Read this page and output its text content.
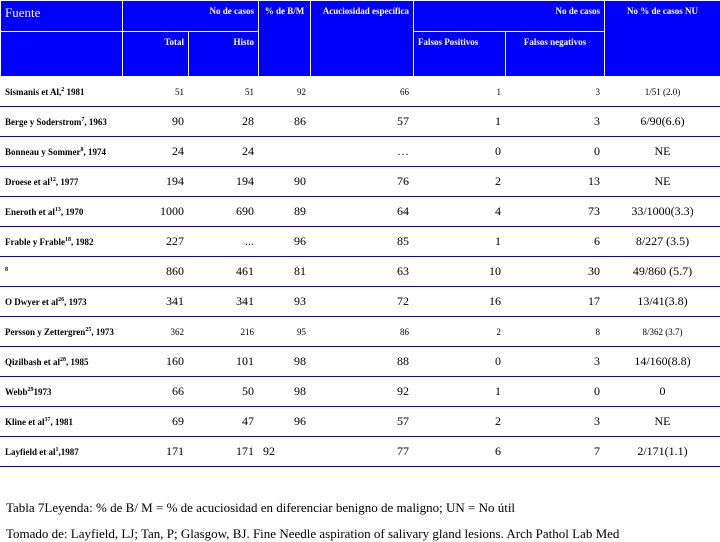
Fuente	No de casos		% de B/M	Acuciosidad específica	No de casos		No % de casos NU
	Total	Histo			Falsos Positivos	Falsos negativos	
Sismanis et Al,$^2$ 1981	51	51	92	66	1	3	1/51 (2.0)
Berge y Soderstrom$^7$, 1963	90	28	86	57	1	3	6/90(6.6)
Bonneau y Sommer$^8$, 1974	24	24		…	0	0	NE
Droese et $al^{12}$, 1977	194	194	90	76	2	13	NE
Eneroth et $al^{13}$, 1970	1000	690	89	64	4	73	33/1000(3.3)
Frable y Frable$^{18}$, 1982	227	...	96	85	1	6	8/227 (3.5)
$^8$	860	461	81	63	10	30	49/860 (5.7)
O Dwyer et $al^{26}$, 1973	341	341	93	72	16	17	13/41(3.8)
Persson y Zettergren$^{25}$, 1973	362	216	95	86	2	8	8/362 (3.7)
Qizilbash et $al^{28}$, 1985	160	101	98	88	0	3	14/160(8.8)
Webb$^{29}$1973	66	50	98	92	1	0	0
Kline et $al^{37}$, 1981	69	47	96	57	2	3	NE
Layfield et $al^1,1987$	171	171	92	77	6	7	2/171(1.1)
Tabla 7Leyenda: % de B/ M = % de acuciosidad en diferenciar benigno de maligno; UN = No útil
Tomado de: Layfield, LJ; Tan, P; Glasgow, BJ. Fine Needle aspiration of salivary gland lesions. Arch Pathol Lab Med
